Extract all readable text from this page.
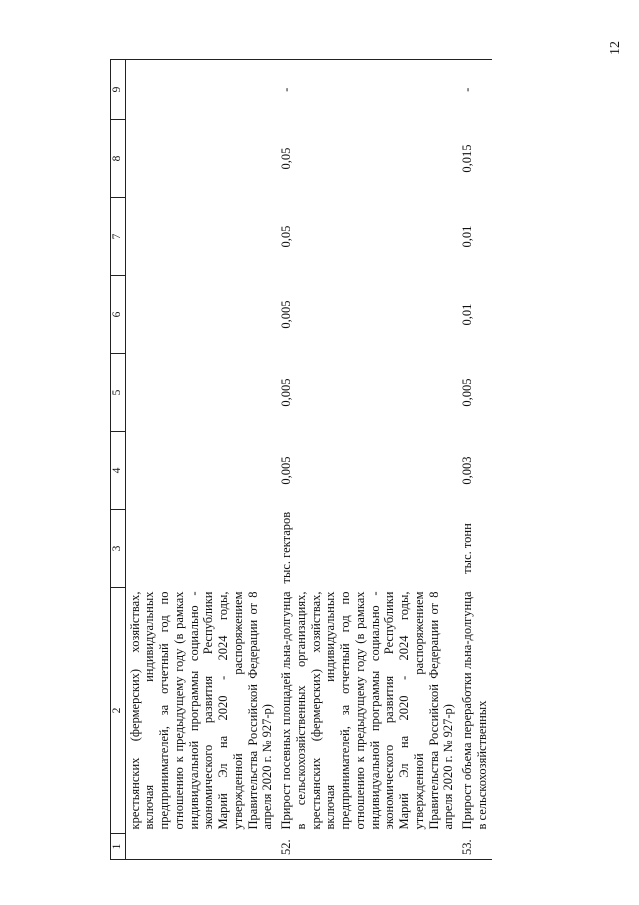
12
1	2	3	4	5	6	7	8	9
	крестьянских (фермерских) хозяйствах, включая индивидуальных предпринимателей, за отчетный год по отношению к предыдущему году (в рамках индивидуальной программы социально - экономического развития Республики Марий Эл на 2020 - 2024 годы, утвержденной распоряжением Правительства Российской Федерации от 8 апреля 2020 г. № 927-р)							
52.	Прирост посевных площадей льна-долгунца в сельскохозяйственных организациях, крестьянских (фермерских) хозяйствах, включая индивидуальных предпринимателей, за отчетный год по отношению к предыдущему году (в рамках индивидуальной программы социально - экономического развития Республики Марий Эл на 2020 - 2024 годы, утвержденной распоряжением Правительства Российской Федерации от 8 апреля 2020 г. № 927-р)	тыс. гектаров	0,005	0,005	0,005	0,05	0,05	-
53.	Прирост объема переработки льна-долгунца в сельскохозяйственных	тыс. тонн	0,003	0,005	0,01	0,01	0,015	-
